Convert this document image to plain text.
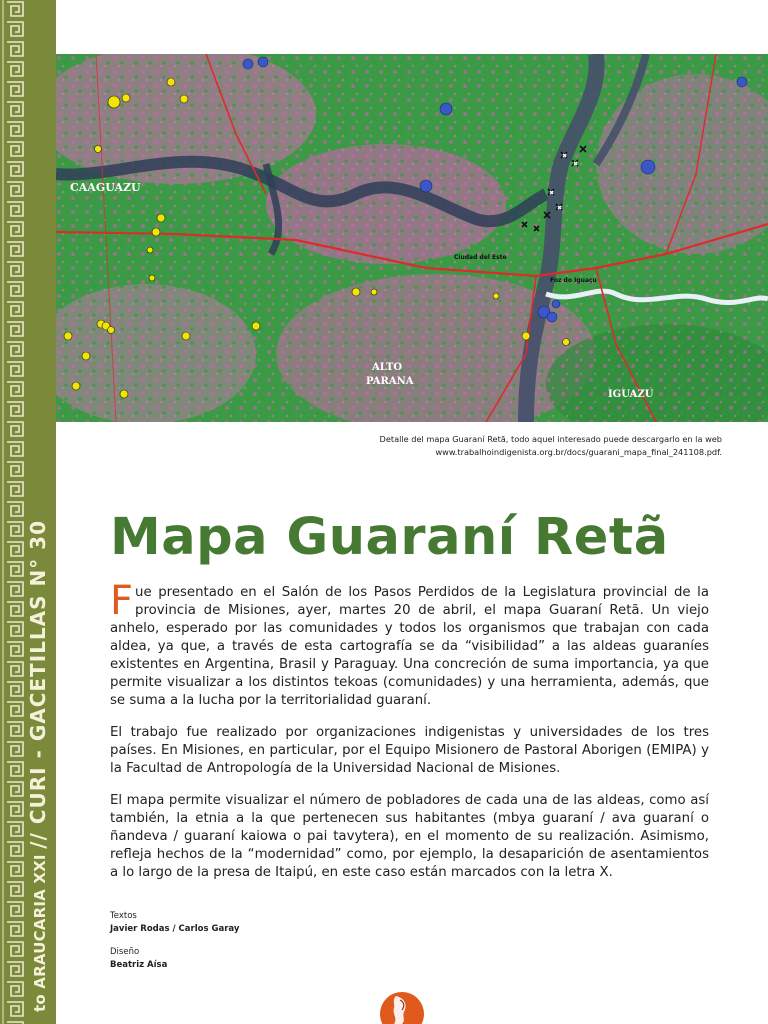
to ARAUCARIA XXI // CURI - GACETILLAS N° 30
CAAGUAZU
ALTO
PARANA
IGUAZU
Ciudad del Este
Foz do Iguaçu
Detalle del mapa Guaraní Retã, todo aquel interesado puede descargarlo en la web
www.trabalhoindigenista.org.br/docs/guarani_mapa_final_241108.pdf.
Mapa Guaraní Retã

Fue presentado en el Salón de los Pasos Perdidos de la Legislatura provincial de la provincia de Misiones, ayer, martes 20 de abril, el mapa Guaraní Retã. Un viejo anhelo, esperado por las comunidades y todos los organismos que trabajan con cada aldea, ya que, a través de esta cartografía se da “visibilidad” a las aldeas guaraníes existentes en Argentina, Brasil y Paraguay. Una concreción de suma importancia, ya que permite visualizar a los distintos tekoas (comunidades) y una herramienta, además, que se suma a la lucha por la territorialidad guaraní.

El trabajo fue realizado por organizaciones indigenistas y universidades de los tres países. En Misiones, en particular, por el Equipo Misionero de Pastoral Aborigen (EMIPA) y la Facultad de Antropología de la Universidad Nacional de Misiones.

El mapa permite visualizar el número de pobladores de cada una de las aldeas, como así también, la etnia a la que pertenecen sus habitantes (mbya guaraní / ava guaraní o ñandeva / guaraní kaiowa o pai tavytera), en el momento de su realización. Asimismo, refleja hechos de la “modernidad” como, por ejemplo, la desaparición de asentamientos a lo largo de la presa de Itaipú, en este caso están marcados con la letra X.

Textos
Javier Rodas / Carlos Garay
Diseño
Beatriz Aísa
